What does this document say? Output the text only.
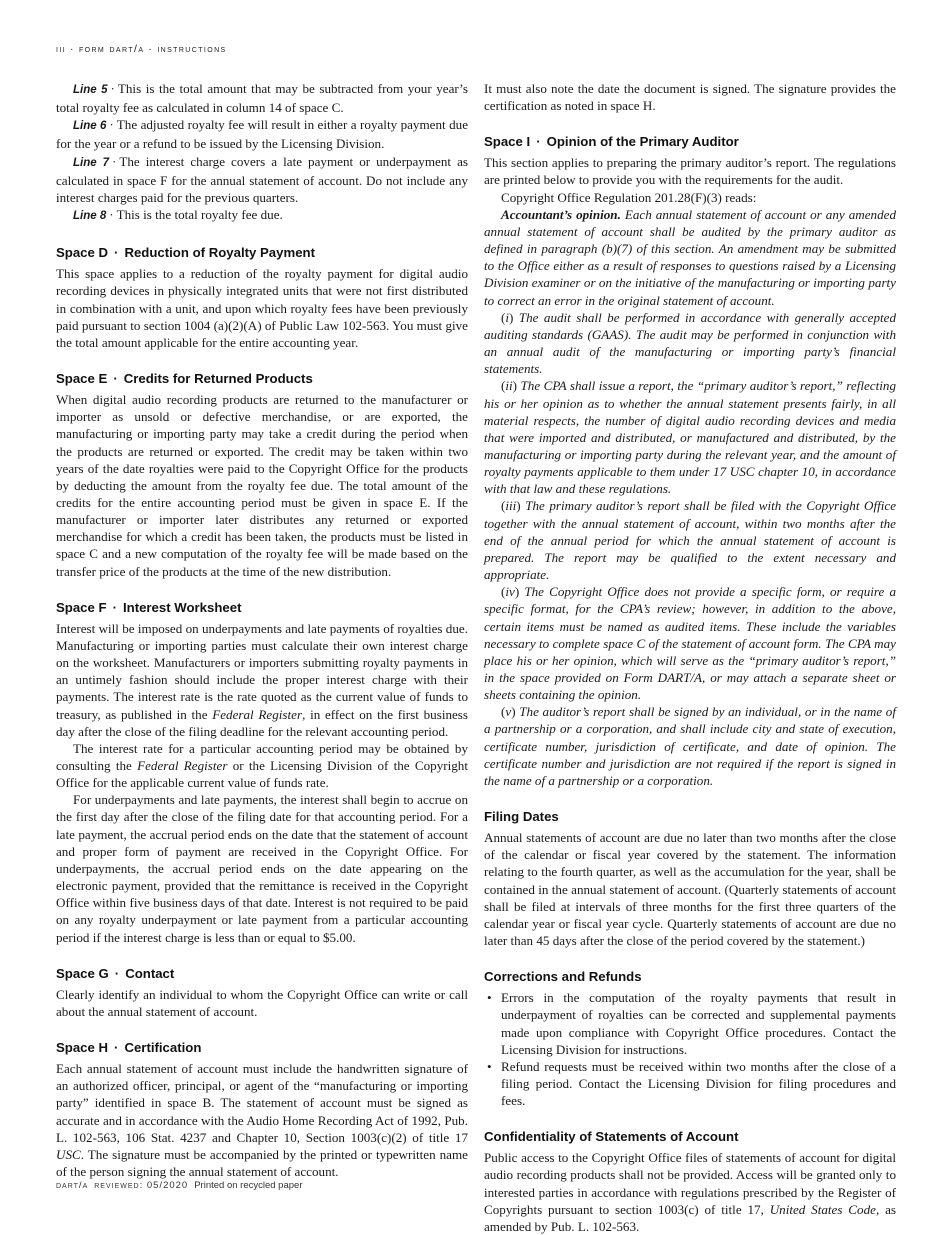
iii · form dart/a · instructions

Line 5 · This is the total amount that may be subtracted from your year’s total royalty fee as calculated in column 14 of space C.

Line 6 · The adjusted royalty fee will result in either a royalty payment due for the year or a refund to be issued by the Licensing Division.

Line 7 · The interest charge covers a late payment or underpayment as calculated in space F for the annual statement of account. Do not include any interest charges paid for the previous quarters.

Line 8 · This is the total royalty fee due.

Space D · Reduction of Royalty Payment

This space applies to a reduction of the royalty payment for digital audio recording devices in physically integrated units that were not first distributed in combination with a unit, and upon which royalty fees have been previously paid pursuant to section 1004 (a)(2)(A) of Public Law 102-563. You must give the total amount applicable for the entire accounting year.

Space E · Credits for Returned Products

When digital audio recording products are returned to the manufacturer or importer as unsold or defective merchandise, or are exported, the manufacturing or importing party may take a credit during the period when the products are returned or exported. The credit may be taken within two years of the date royalties were paid to the Copyright Office for the products by deducting the amount from the royalty fee due. The total amount of the credits for the entire accounting period must be given in space E. If the manufacturer or importer later distributes any returned or exported merchandise for which a credit has been taken, the products must be listed in space C and a new computation of the royalty fee will be made based on the transfer price of the products at the time of the new distribution.

Space F · Interest Worksheet

Interest will be imposed on underpayments and late payments of royalties due. Manufacturing or importing parties must calculate their own interest charge on the worksheet. Manufacturers or importers submitting royalty payments in an untimely fashion should include the proper interest charge with their payments. The interest rate is the rate quoted as the current value of funds to treasury, as published in the Federal Register, in effect on the first business day after the close of the filing deadline for the relevant accounting period.

The interest rate for a particular accounting period may be obtained by consulting the Federal Register or the Licensing Division of the Copyright Office for the applicable current value of funds rate.

For underpayments and late payments, the interest shall begin to accrue on the first day after the close of the filing date for that accounting period. For a late payment, the accrual period ends on the date that the statement of account and proper form of payment are received in the Copyright Office. For underpayments, the accrual period ends on the date appearing on the electronic payment, provided that the remittance is received in the Copyright Office within five business days of that date. Interest is not required to be paid on any royalty underpayment or late payment from a particular accounting period if the interest charge is less than or equal to $5.00.

Space G · Contact

Clearly identify an individual to whom the Copyright Office can write or call about the annual statement of account.

Space H · Certification

Each annual statement of account must include the handwritten signature of an authorized officer, principal, or agent of the “manufacturing or importing party” identified in space B. The statement of account must be signed as accurate and in accordance with the Audio Home Recording Act of 1992, Pub. L. 102-563, 106 Stat. 4237 and Chapter 10, Section 1003(c)(2) of title 17 USC. The signature must be accompanied by the printed or typewritten name of the person signing the annual statement of account.

It must also note the date the document is signed. The signature provides the certification as noted in space H.

Space I · Opinion of the Primary Auditor

This section applies to preparing the primary auditor’s report. The regulations are printed below to provide you with the requirements for the audit.

Copyright Office Regulation 201.28(F)(3) reads:

Accountant’s opinion. Each annual statement of account or any amended annual statement of account shall be audited by the primary auditor as defined in paragraph (b)(7) of this section. An amendment may be submitted to the Office either as a result of responses to questions raised by a Licensing Division examiner or on the initiative of the manufacturing or importing party to correct an error in the original statement of account.

(i) The audit shall be performed in accordance with generally accepted auditing standards (GAAS). The audit may be performed in conjunction with an annual audit of the manufacturing or importing party’s financial statements.

(ii) The CPA shall issue a report, the “primary auditor’s report,” reflecting his or her opinion as to whether the annual statement presents fairly, in all material respects, the number of digital audio recording devices and media that were imported and distributed, or manufactured and distributed, by the manufacturing or importing party during the relevant year, and the amount of royalty payments applicable to them under 17 USC chapter 10, in accordance with that law and these regulations.

(iii) The primary auditor’s report shall be filed with the Copyright Office together with the annual statement of account, within two months after the end of the annual period for which the annual statement of account is prepared. The report may be qualified to the extent necessary and appropriate.

(iv) The Copyright Office does not provide a specific form, or require a specific format, for the CPA’s review; however, in addition to the above, certain items must be named as audited items. These include the variables necessary to complete space C of the statement of account form. The CPA may place his or her opinion, which will serve as the “primary auditor’s report,” in the space provided on Form DART/A, or may attach a separate sheet or sheets containing the opinion.

(v) The auditor’s report shall be signed by an individual, or in the name of a partnership or a corporation, and shall include city and state of execution, certificate number, jurisdiction of certificate, and date of opinion. The certificate number and jurisdiction are not required if the report is signed in the name of a partnership or a corporation.

Filing Dates

Annual statements of account are due no later than two months after the close of the calendar or fiscal year covered by the statement. The information relating to the fourth quarter, as well as the accumulation for the year, shall be contained in the annual statement of account. (Quarterly statements of account shall be filed at intervals of three months for the first three quarters of the calendar year or fiscal year cycle. Quarterly statements of account are due no later than 45 days after the close of the period covered by the statement.)

Corrections and Refunds
• Errors in the computation of the royalty payments that result in underpayment of royalties can be corrected and supplemental payments made upon compliance with Copyright Office procedures. Contact the Licensing Division for instructions.
• Refund requests must be received within two months after the close of a filing period. Contact the Licensing Division for filing procedures and fees.
Confidentiality of Statements of Account

Public access to the Copyright Office files of statements of account for digital audio recording products shall not be provided. Access will be granted only to interested parties in accordance with regulations prescribed by the Register of Copyrights pursuant to section 1003(c) of title 17, United States Code, as amended by Pub. L. 102-563.

dart/a reviewed: 05/2020 Printed on recycled paper
